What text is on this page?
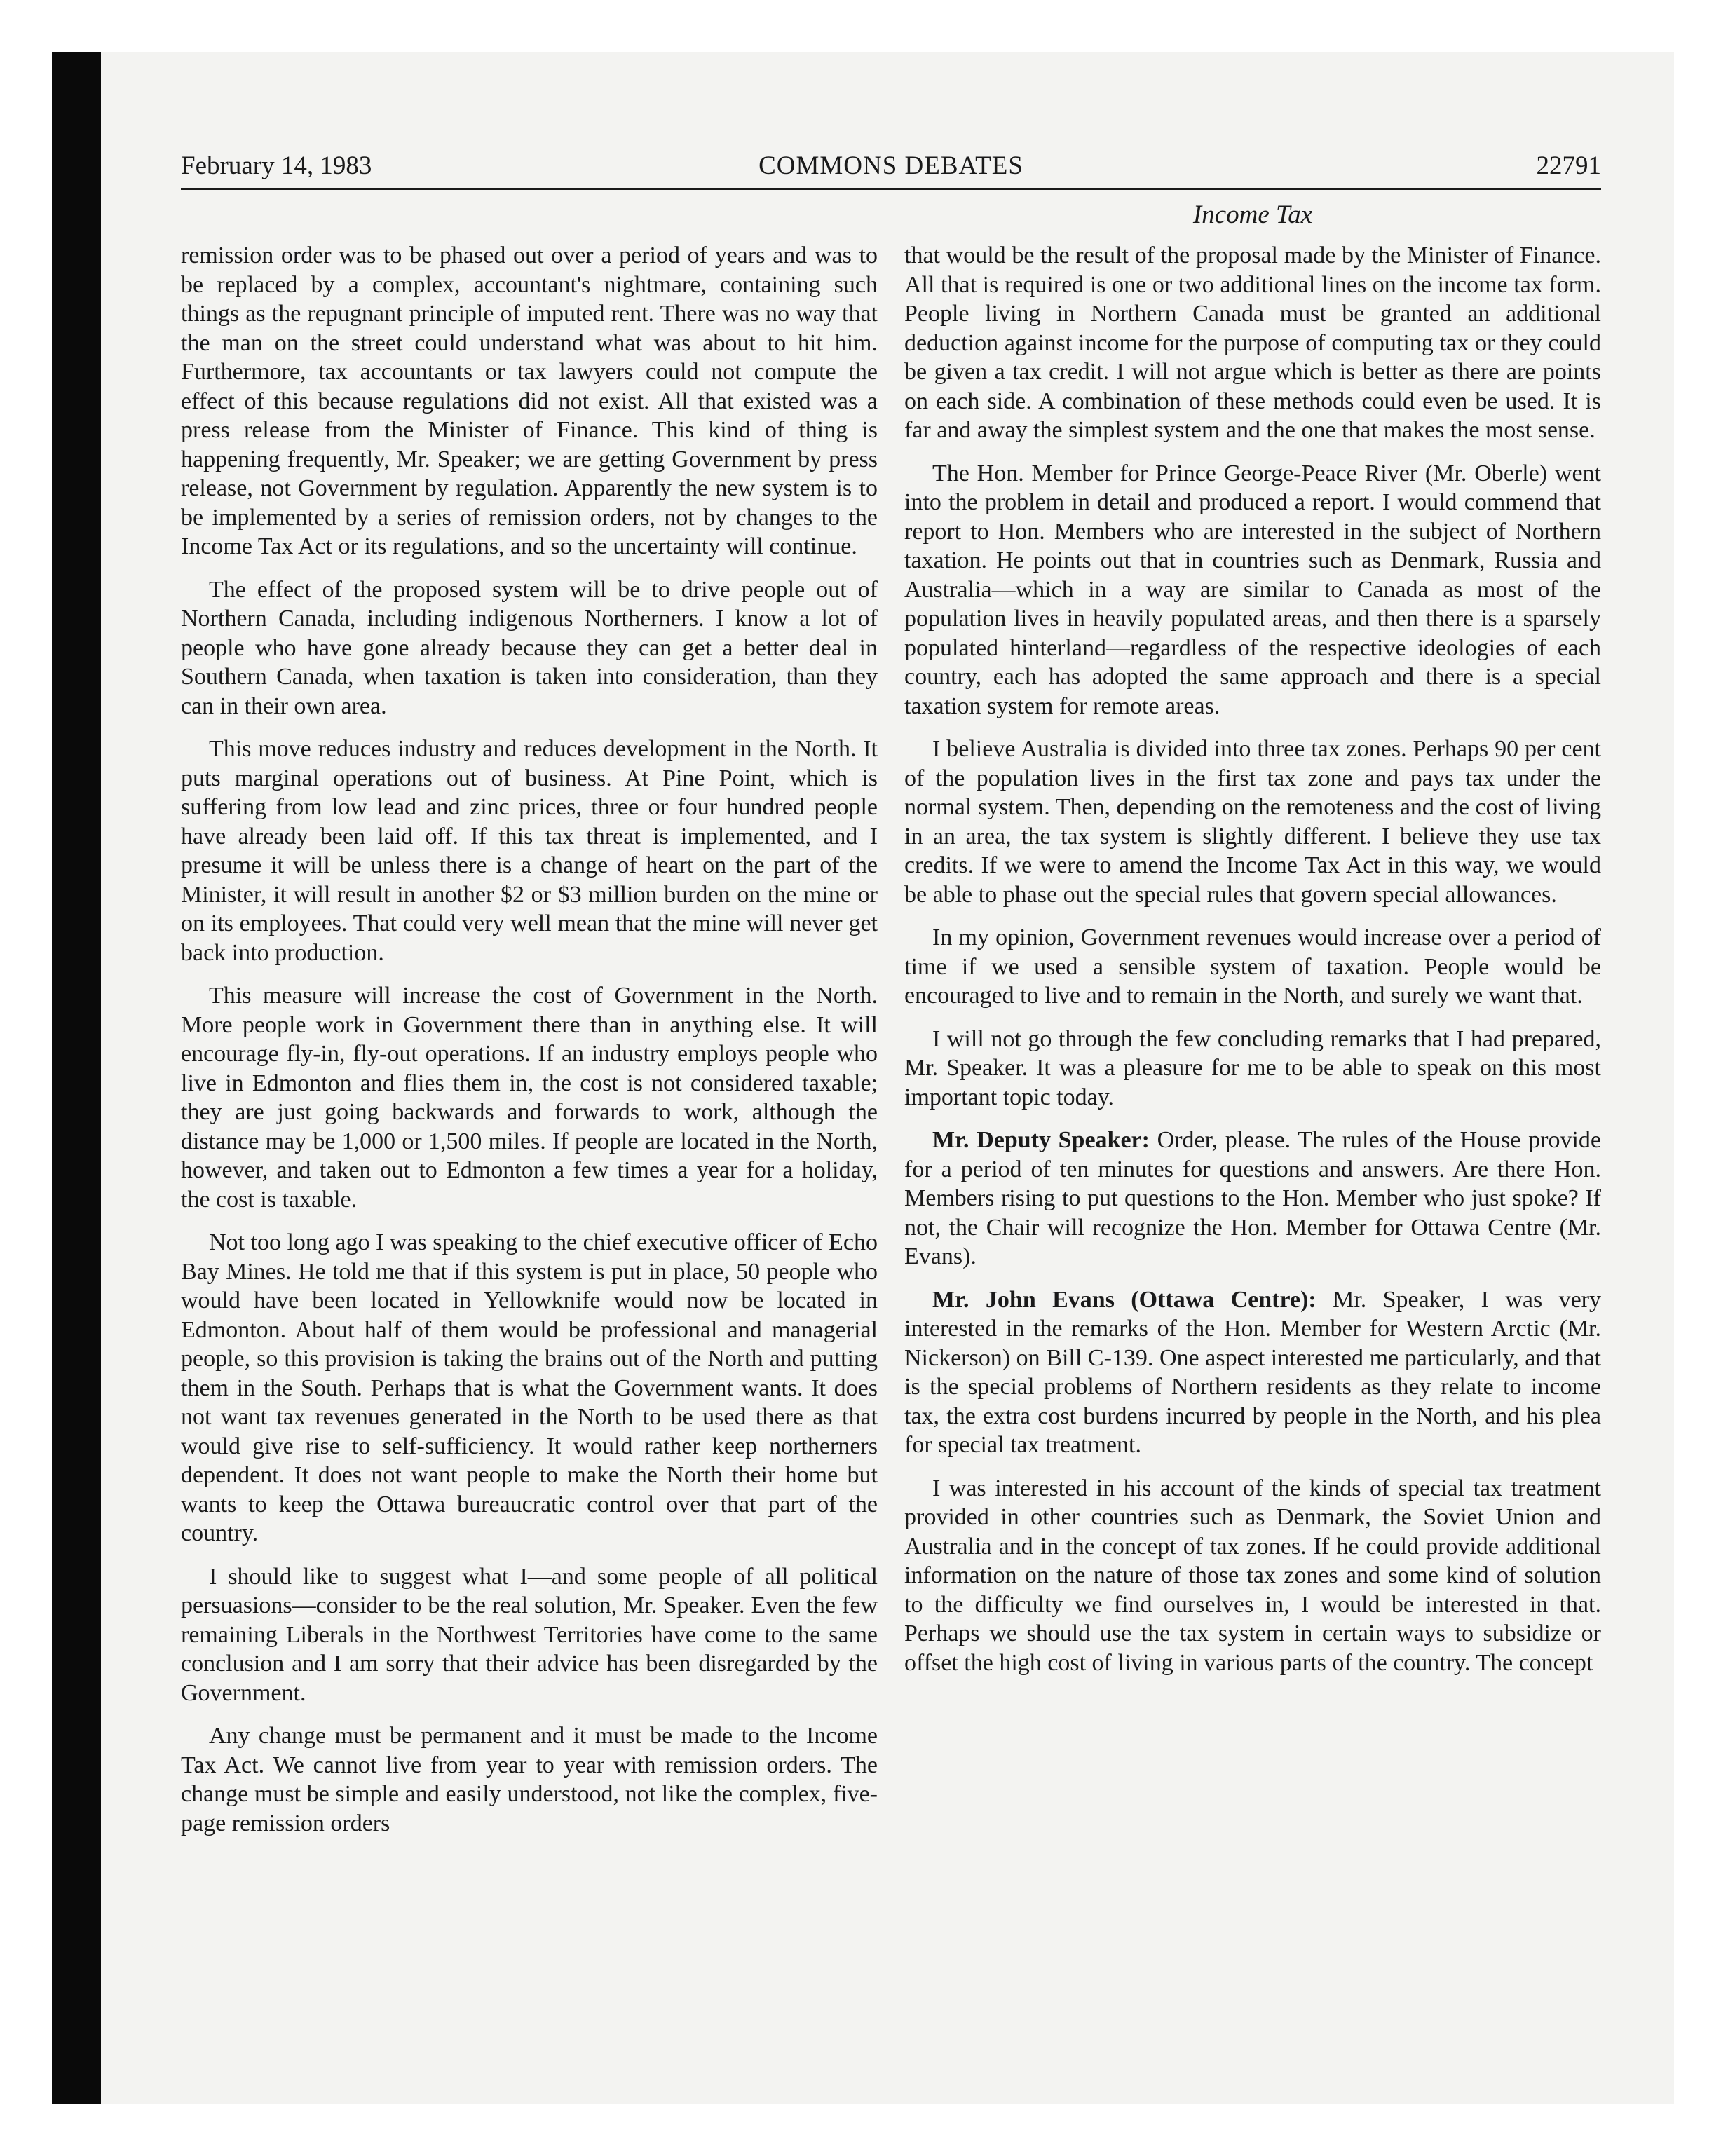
February 14, 1983	COMMONS DEBATES	22791
Income Tax

remission order was to be phased out over a period of years and was to be replaced by a complex, accountant's nightmare, containing such things as the repugnant principle of imputed rent. There was no way that the man on the street could understand what was about to hit him. Furthermore, tax accountants or tax lawyers could not compute the effect of this because regulations did not exist. All that existed was a press release from the Minister of Finance. This kind of thing is happening frequently, Mr. Speaker; we are getting Government by press release, not Government by regulation. Apparently the new system is to be implemented by a series of remission orders, not by changes to the Income Tax Act or its regulations, and so the uncertainty will continue.

The effect of the proposed system will be to drive people out of Northern Canada, including indigenous Northerners. I know a lot of people who have gone already because they can get a better deal in Southern Canada, when taxation is taken into consideration, than they can in their own area.

This move reduces industry and reduces development in the North. It puts marginal operations out of business. At Pine Point, which is suffering from low lead and zinc prices, three or four hundred people have already been laid off. If this tax threat is implemented, and I presume it will be unless there is a change of heart on the part of the Minister, it will result in another $2 or $3 million burden on the mine or on its employees. That could very well mean that the mine will never get back into production.

This measure will increase the cost of Government in the North. More people work in Government there than in anything else. It will encourage fly-in, fly-out operations. If an industry employs people who live in Edmonton and flies them in, the cost is not considered taxable; they are just going backwards and forwards to work, although the distance may be 1,000 or 1,500 miles. If people are located in the North, however, and taken out to Edmonton a few times a year for a holiday, the cost is taxable.

Not too long ago I was speaking to the chief executive officer of Echo Bay Mines. He told me that if this system is put in place, 50 people who would have been located in Yellowknife would now be located in Edmonton. About half of them would be professional and managerial people, so this provision is taking the brains out of the North and putting them in the South. Perhaps that is what the Government wants. It does not want tax revenues generated in the North to be used there as that would give rise to self-sufficiency. It would rather keep northerners dependent. It does not want people to make the North their home but wants to keep the Ottawa bureaucratic control over that part of the country.

I should like to suggest what I—and some people of all political persuasions—consider to be the real solution, Mr. Speaker. Even the few remaining Liberals in the Northwest Territories have come to the same conclusion and I am sorry that their advice has been disregarded by the Government.

Any change must be permanent and it must be made to the Income Tax Act. We cannot live from year to year with remission orders. The change must be simple and easily understood, not like the complex, five-page remission orders

that would be the result of the proposal made by the Minister of Finance. All that is required is one or two additional lines on the income tax form. People living in Northern Canada must be granted an additional deduction against income for the purpose of computing tax or they could be given a tax credit. I will not argue which is better as there are points on each side. A combination of these methods could even be used. It is far and away the simplest system and the one that makes the most sense.

The Hon. Member for Prince George-Peace River (Mr. Oberle) went into the problem in detail and produced a report. I would commend that report to Hon. Members who are interested in the subject of Northern taxation. He points out that in countries such as Denmark, Russia and Australia—which in a way are similar to Canada as most of the population lives in heavily populated areas, and then there is a sparsely populated hinterland—regardless of the respective ideologies of each country, each has adopted the same approach and there is a special taxation system for remote areas.

I believe Australia is divided into three tax zones. Perhaps 90 per cent of the population lives in the first tax zone and pays tax under the normal system. Then, depending on the remoteness and the cost of living in an area, the tax system is slightly different. I believe they use tax credits. If we were to amend the Income Tax Act in this way, we would be able to phase out the special rules that govern special allowances.

In my opinion, Government revenues would increase over a period of time if we used a sensible system of taxation. People would be encouraged to live and to remain in the North, and surely we want that.

I will not go through the few concluding remarks that I had prepared, Mr. Speaker. It was a pleasure for me to be able to speak on this most important topic today.

Mr. Deputy Speaker: Order, please. The rules of the House provide for a period of ten minutes for questions and answers. Are there Hon. Members rising to put questions to the Hon. Member who just spoke? If not, the Chair will recognize the Hon. Member for Ottawa Centre (Mr. Evans).

Mr. John Evans (Ottawa Centre): Mr. Speaker, I was very interested in the remarks of the Hon. Member for Western Arctic (Mr. Nickerson) on Bill C-139. One aspect interested me particularly, and that is the special problems of Northern residents as they relate to income tax, the extra cost burdens incurred by people in the North, and his plea for special tax treatment.

I was interested in his account of the kinds of special tax treatment provided in other countries such as Denmark, the Soviet Union and Australia and in the concept of tax zones. If he could provide additional information on the nature of those tax zones and some kind of solution to the difficulty we find ourselves in, I would be interested in that. Perhaps we should use the tax system in certain ways to subsidize or offset the high cost of living in various parts of the country. The concept
